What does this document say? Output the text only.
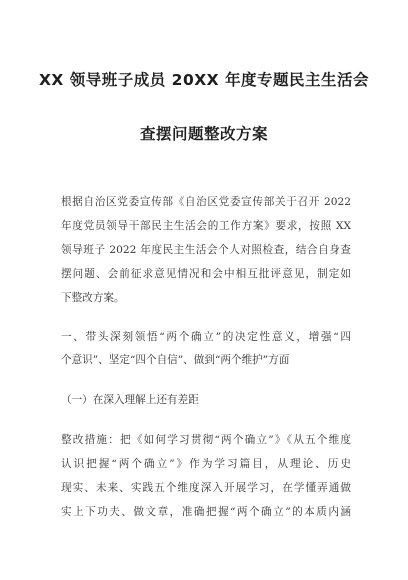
XX 领导班子成员 20XX 年度专题民主生活会
查摆问题整改方案
根据自治区党委宣传部《自治区党委宣传部关于召开 2022
年度党员领导干部民主生活会的工作方案》要求，按照 XX
领导班子 2022 年度民主生活会个人对照检查，结合自身查
摆问题、会前征求意见情况和会中相互批评意见，制定如
下整改方案。
一、带头深刻领悟“两个确立”的决定性意义，增强“四
个意识”、坚定“四个自信”、做到“两个维护”方面
（一）在深入理解上还有差距
整改措施：把《如何学习贯彻“两个确立”》《从五个维度
认识把握“两个确立”》作为学习篇目，从理论、历史
现实、未来、实践五个维度深入开展学习，在学懂弄通做
实上下功夫、做文章，准确把握“两个确立”的本质内涵
